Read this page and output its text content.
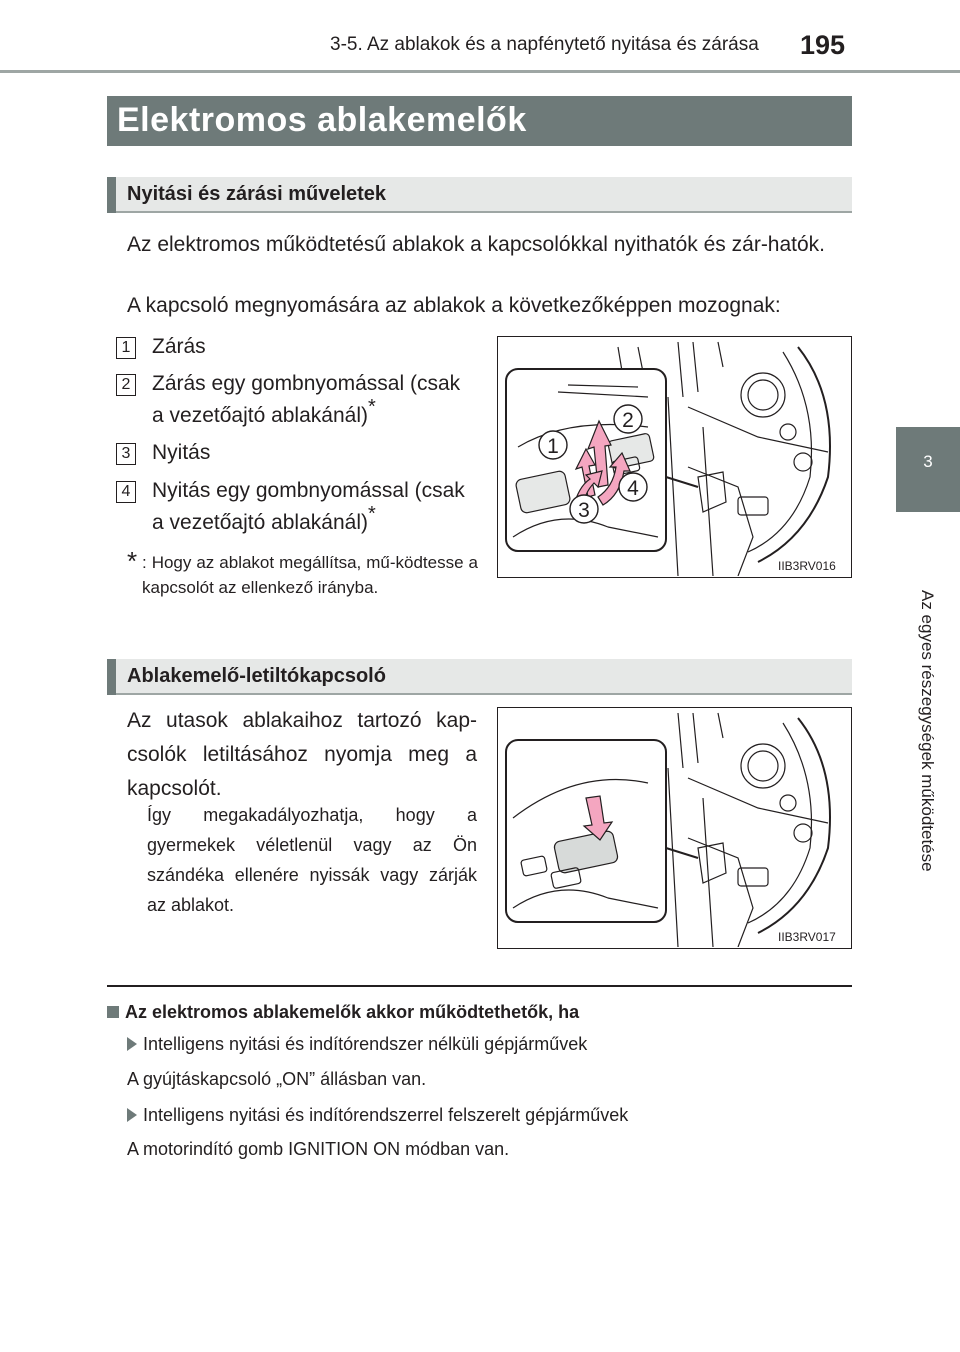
3-5. Az ablakok és a napfénytető nyitása és zárása 195
3
Az egyes részegységek működtetése
Elektromos ablakemelők
Nyitási és zárási műveletek
Az elektromos működtetésű ablakok a kapcsolókkal nyithatók és zár-hatók.
A kapcsoló megnyomására az ablakok a következőképpen mozognak:
1 Zárás
2 Zárás egy gombnyomással (csak
a vezetőajtó ablakánál)*
3 Nyitás
4 Nyitás egy gombnyomással (csak
a vezetőajtó ablakánál)*
* : Hogy az ablakot megállítsa, mű-ködtesse a kapcsolót az ellenkező irányba.
1
2
3
4
IIB3RV016
Ablakemelő-letiltókapcsoló
Az utasok ablakaihoz tartozó kap-csolók letiltásához nyomja meg a kapcsolót.
Így megakadályozhatja, hogy a gyermekek véletlenül vagy az Ön szándéka ellenére nyissák vagy zárják az ablakot.
IIB3RV017
Az elektromos ablakemelők akkor működtethetők, ha
Intelligens nyitási és indítórendszer nélküli gépjárművek
A gyújtáskapcsoló „ON” állásban van.
Intelligens nyitási és indítórendszerrel felszerelt gépjárművek
A motorindító gomb IGNITION ON módban van.
